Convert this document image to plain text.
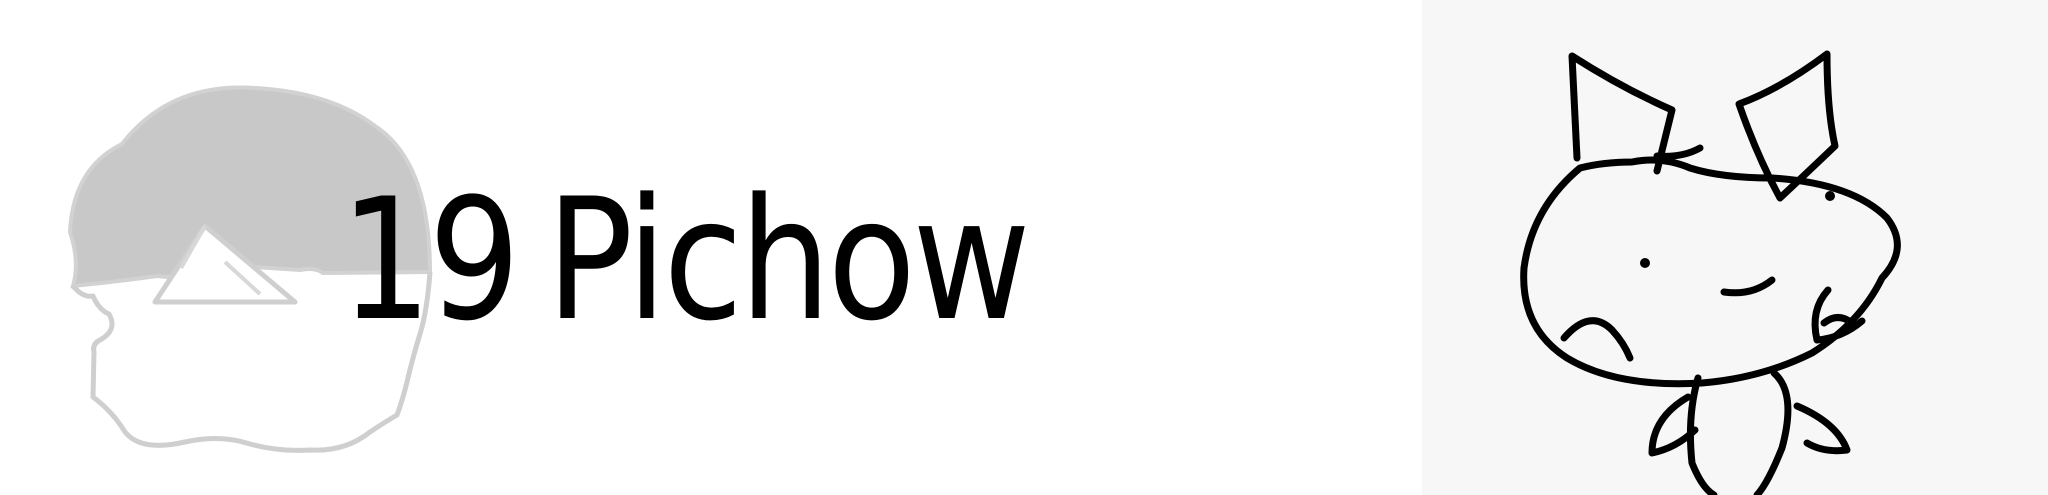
19 Pichow
